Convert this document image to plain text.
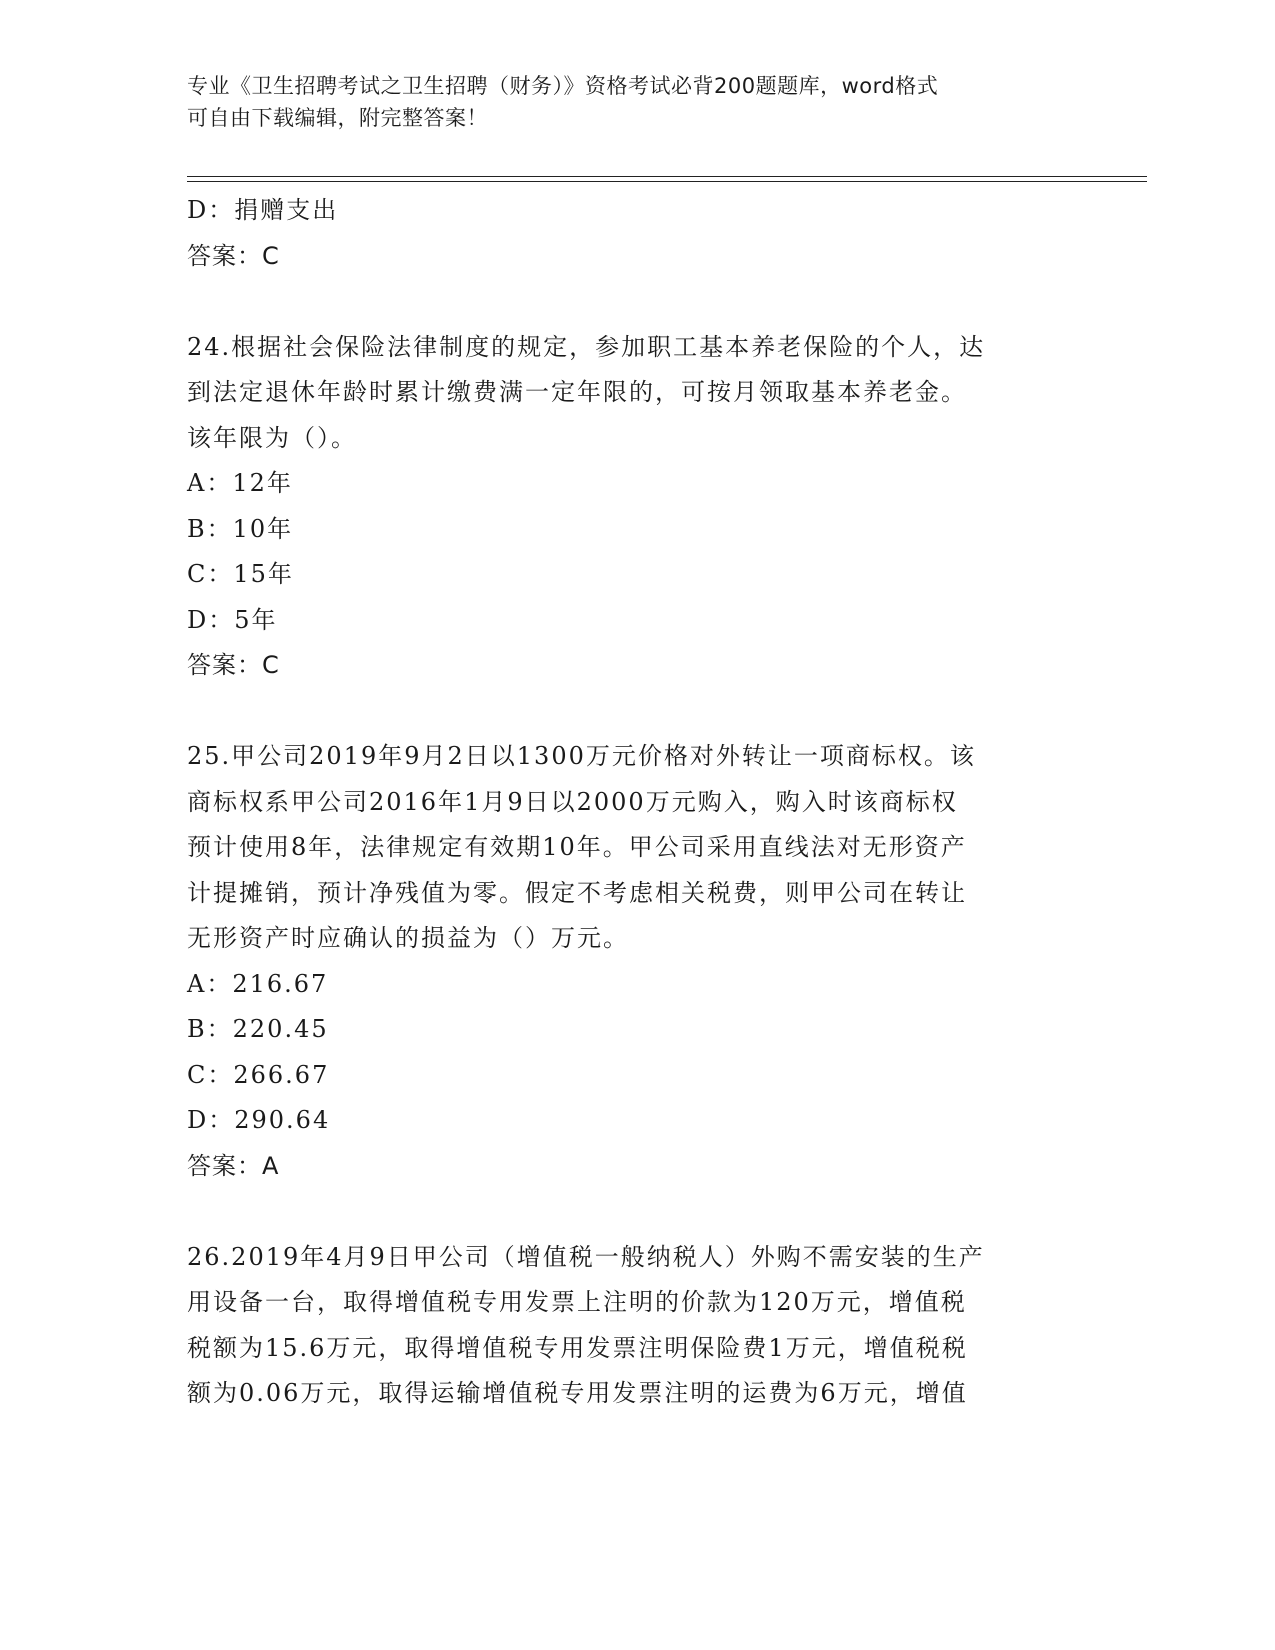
专业《卫生招聘考试之卫生招聘（财务）》资格考试必背200题题库，word格式
可自由下载编辑，附完整答案！
D：捐赠支出
答案：C
24.根据社会保险法律制度的规定，参加职工基本养老保险的个人，达
到法定退休年龄时累计缴费满一定年限的，可按月领取基本养老金。
该年限为（）。
A：12年
B：10年
C：15年
D：5年
答案：C
25.甲公司2019年9月2日以1300万元价格对外转让一项商标权。该
商标权系甲公司2016年1月9日以2000万元购入，购入时该商标权
预计使用8年，法律规定有效期10年。甲公司采用直线法对无形资产
计提摊销，预计净残值为零。假定不考虑相关税费，则甲公司在转让
无形资产时应确认的损益为（）万元。
A：216.67
B：220.45
C：266.67
D：290.64
答案：A
26.2019年4月9日甲公司（增值税一般纳税人）外购不需安装的生产
用设备一台，取得增值税专用发票上注明的价款为120万元，增值税
税额为15.6万元，取得增值税专用发票注明保险费1万元，增值税税
额为0.06万元，取得运输增值税专用发票注明的运费为6万元，增值
